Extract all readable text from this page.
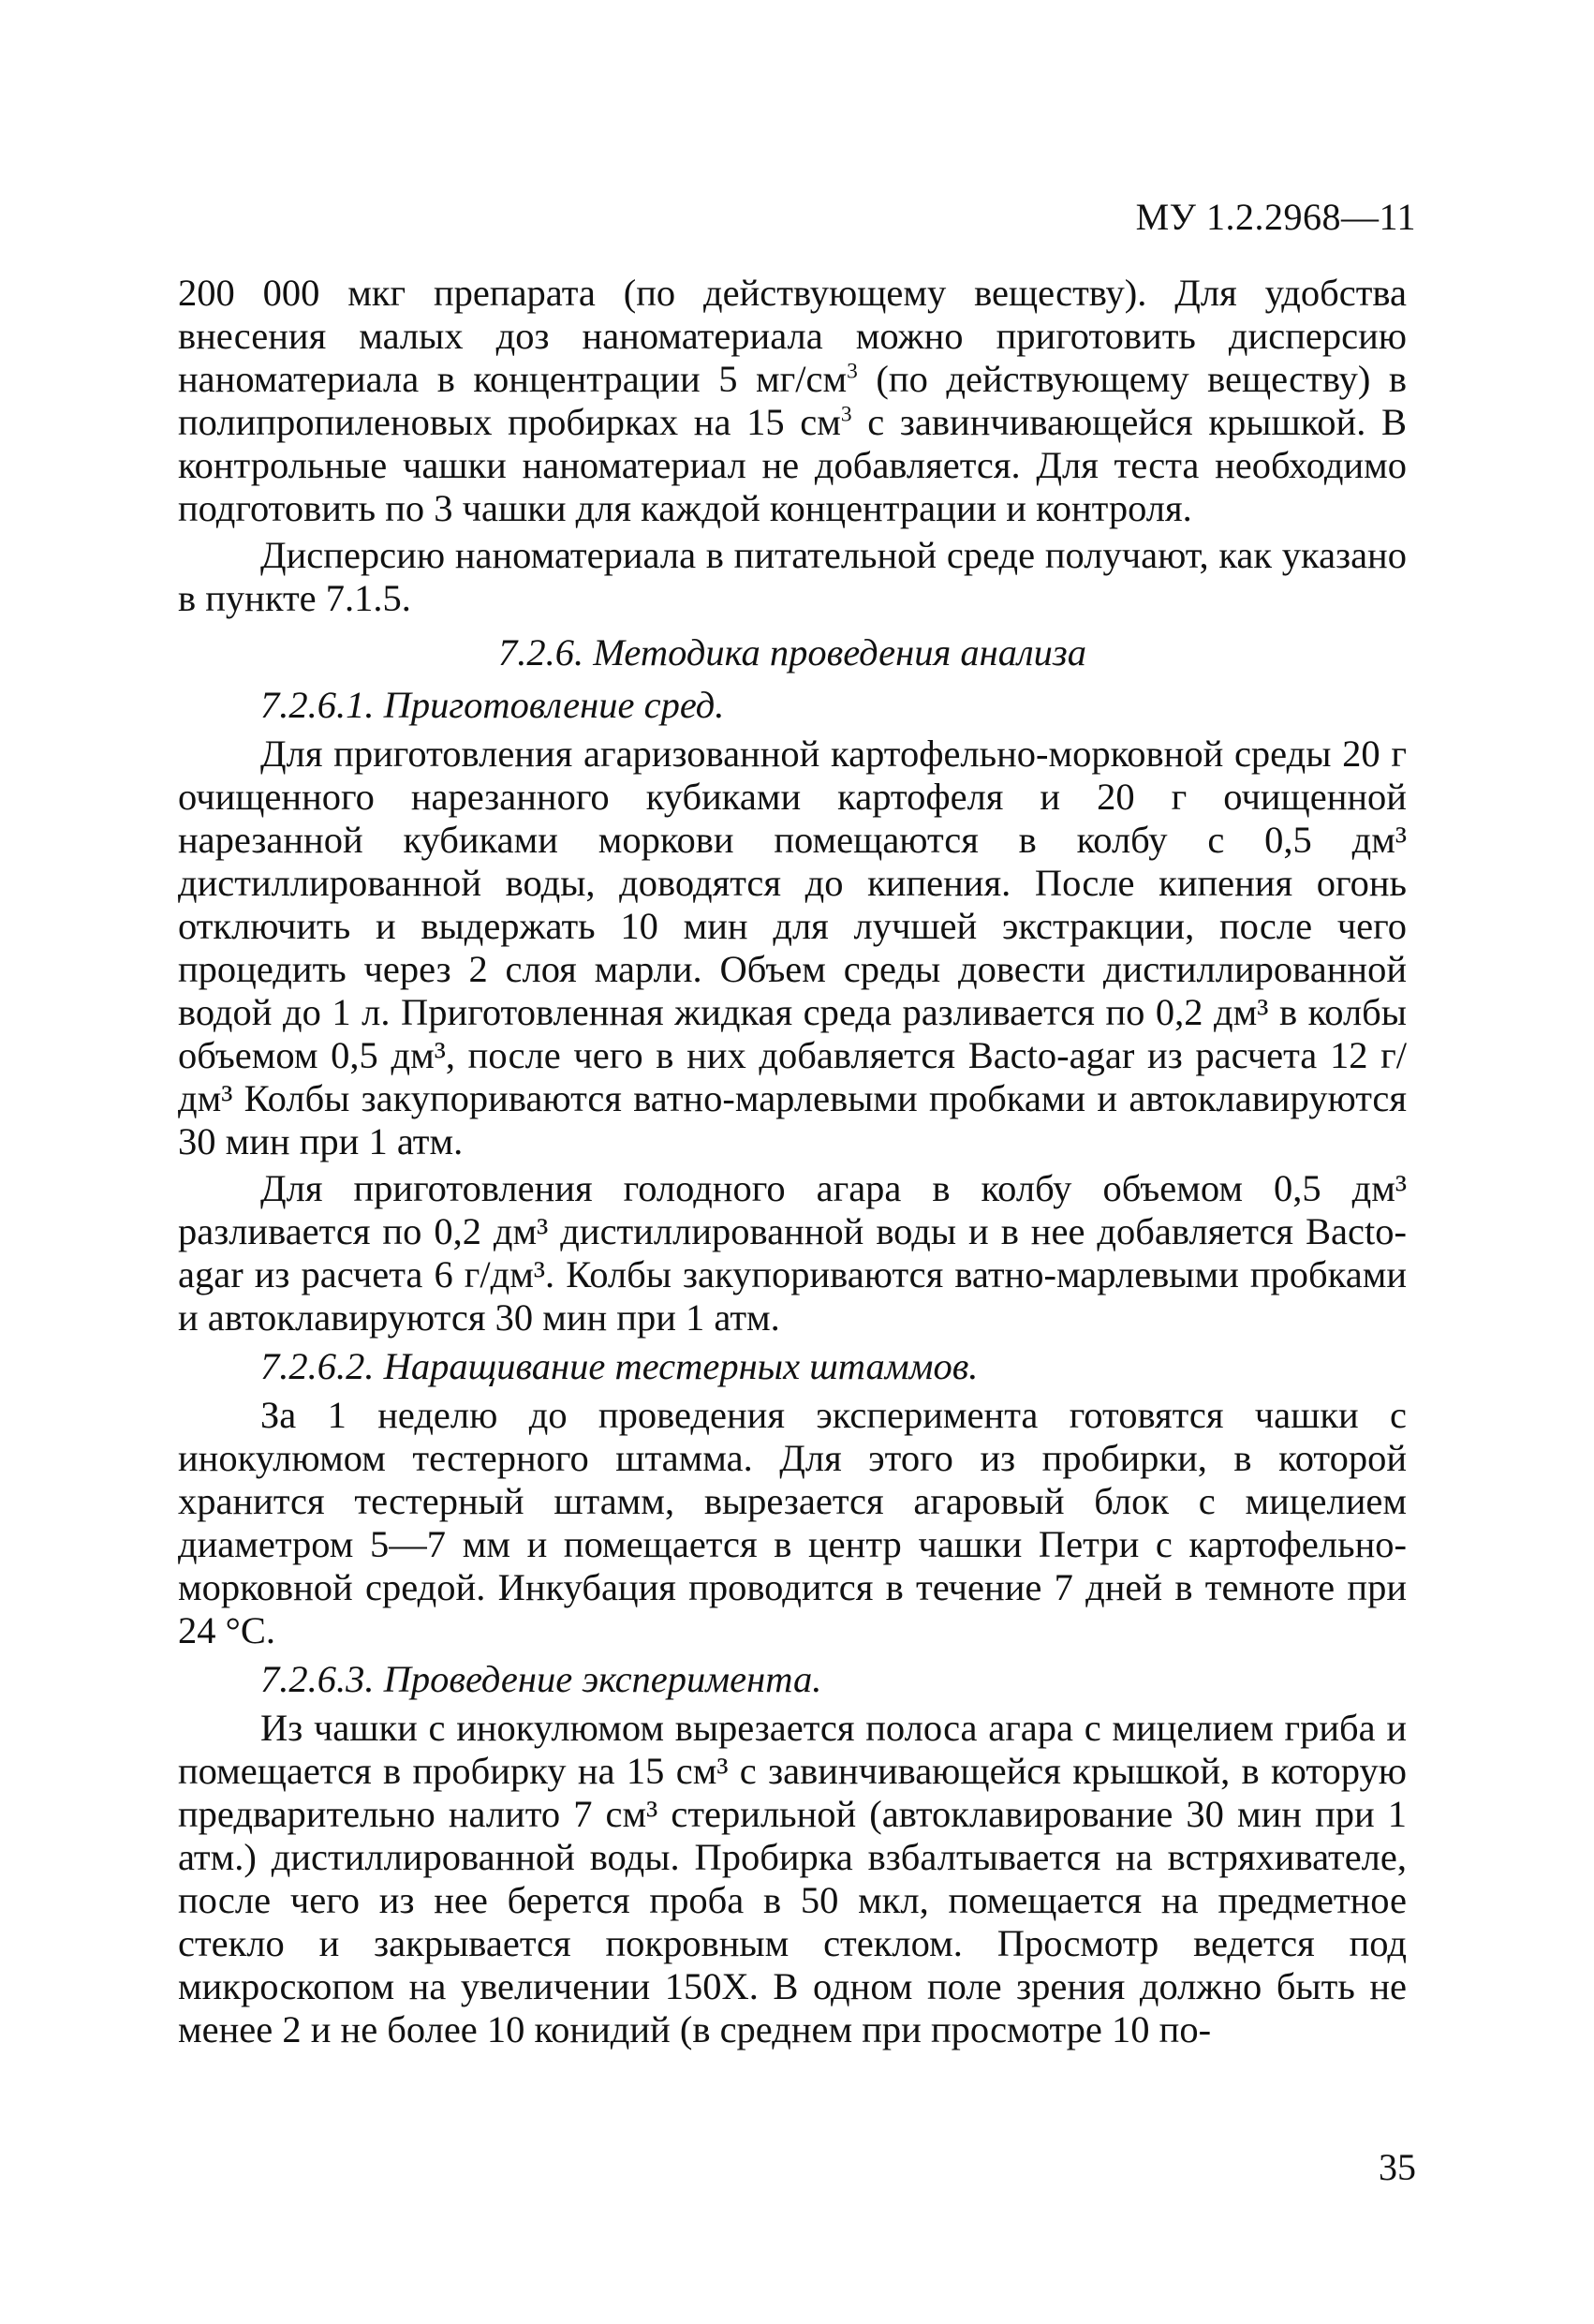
МУ 1.2.2968—11

200 000 мкг препарата (по действующему веществу). Для удобства внесения малых доз наноматериала можно приготовить дисперсию наноматериала в концентрации 5 $мг/см^3$ (по действующему веществу) в полипропиленовых пробирках на 15 $см^3$ с завинчивающейся крышкой. В контрольные чашки наноматериал не добавляется. Для теста необходимо подготовить по 3 чашки для каждой концентрации и контроля.

Дисперсию наноматериала в питательной среде получают, как указано в пункте 7.1.5.

7.2.6. Методика проведения анализа

7.2.6.1. Приготовление сред.

Для приготовления агаризованной картофельно-морковной среды 20 г очищенного нарезанного кубиками картофеля и 20 г очищенной нарезанной кубиками моркови помещаются в колбу с 0,5 дм³ дистиллированной воды, доводятся до кипения. После кипения огонь отключить и выдержать 10 мин для лучшей экстракции, после чего процедить через 2 слоя марли. Объем среды довести дистиллированной водой до 1 л. Приготовленная жидкая среда разливается по 0,2 дм³ в колбы объемом 0,5 дм³, после чего в них добавляется Bacto-agar из расчета 12 г/дм³ Колбы закупориваются ватно-марлевыми пробками и автоклавируются 30 мин при 1 атм.

Для приготовления голодного агара в колбу объемом 0,5 дм³ разливается по 0,2 дм³ дистиллированной воды и в нее добавляется Bacto-agar из расчета 6 г/дм³. Колбы закупориваются ватно-марлевыми пробками и автоклавируются 30 мин при 1 атм.

7.2.6.2. Наращивание тестерных штаммов.

За 1 неделю до проведения эксперимента готовятся чашки с инокулюмом тестерного штамма. Для этого из пробирки, в которой хранится тестерный штамм, вырезается агаровый блок с мицелием диаметром 5—7 мм и помещается в центр чашки Петри с картофельно-морковной средой. Инкубация проводится в течение 7 дней в темноте при 24 °С.

7.2.6.3. Проведение эксперимента.

Из чашки с инокулюмом вырезается полоса агара с мицелием гриба и помещается в пробирку на 15 см³ с завинчивающейся крышкой, в которую предварительно налито 7 см³ стерильной (автоклавирование 30 мин при 1 атм.) дистиллированной воды. Пробирка взбалтывается на встряхивателе, после чего из нее берется проба в 50 мкл, помещается на предметное стекло и закрывается покровным стеклом. Просмотр ведется под микроскопом на увеличении 150Х. В одном поле зрения должно быть не менее 2 и не более 10 конидий (в среднем при просмотре 10 по-

35
